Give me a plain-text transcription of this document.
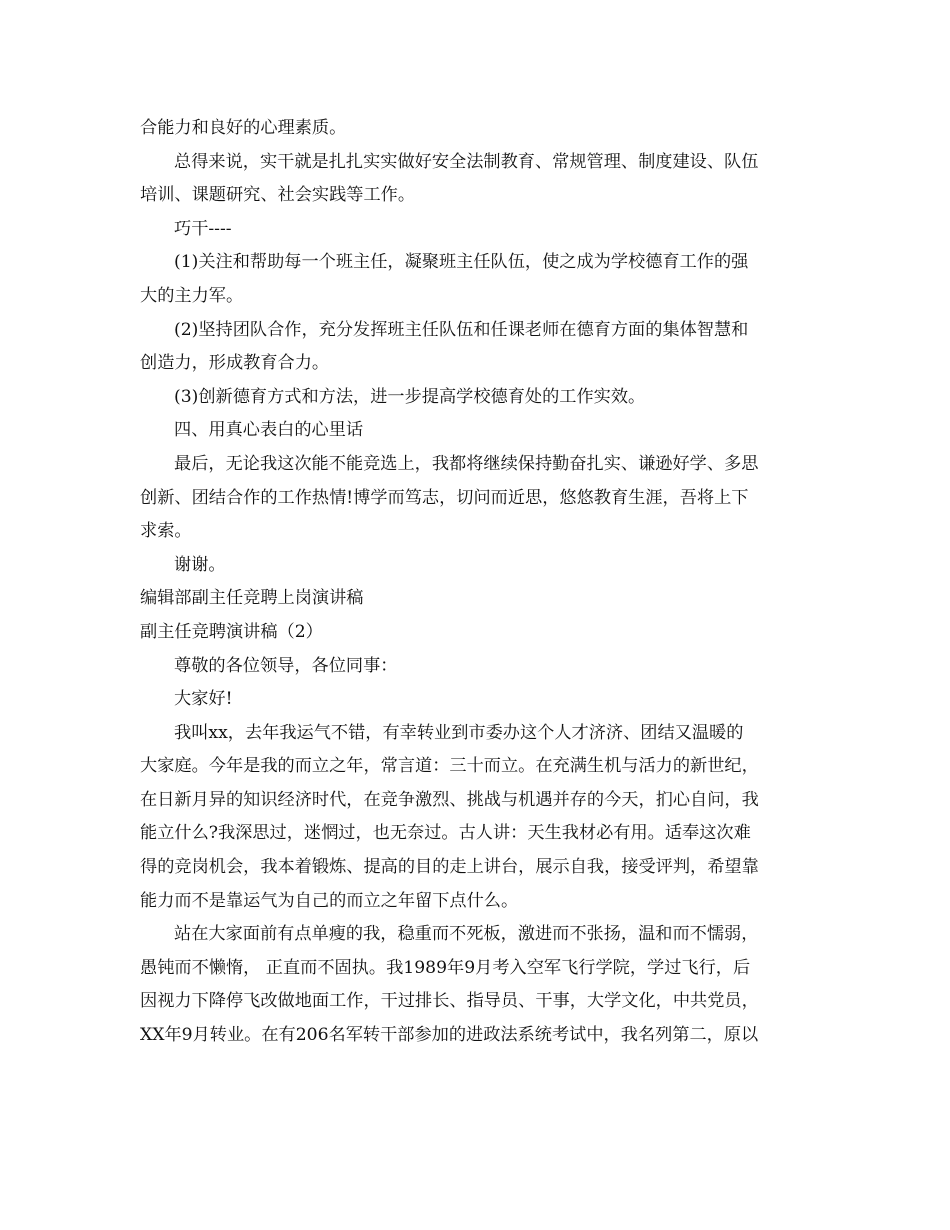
合能力和良好的心理素质。
总得来说，实干就是扎扎实实做好安全法制教育、常规管理、制度建设、队伍
培训、课题研究、社会实践等工作。
巧干----
(1)关注和帮助每一个班主任，凝聚班主任队伍，使之成为学校德育工作的强
大的主力军。
(2)坚持团队合作，充分发挥班主任队伍和任课老师在德育方面的集体智慧和
创造力，形成教育合力。
(3)创新德育方式和方法，进一步提高学校德育处的工作实效。
四、用真心表白的心里话
最后，无论我这次能不能竞选上，我都将继续保持勤奋扎实、谦逊好学、多思
创新、团结合作的工作热情!博学而笃志，切问而近思，悠悠教育生涯，吾将上下
求索。
谢谢。
编辑部副主任竞聘上岗演讲稿
副主任竞聘演讲稿（2）
尊敬的各位领导，各位同事：
大家好!
我叫xx，去年我运气不错，有幸转业到市委办这个人才济济、团结又温暖的
大家庭。今年是我的而立之年，常言道：三十而立。在充满生机与活力的新世纪，
在日新月异的知识经济时代，在竞争激烈、挑战与机遇并存的今天，扪心自问，我
能立什么?我深思过，迷惘过，也无奈过。古人讲：天生我材必有用。适奉这次难
得的竞岗机会，我本着锻炼、提高的目的走上讲台，展示自我，接受评判，希望靠
能力而不是靠运气为自己的而立之年留下点什么。
站在大家面前有点单瘦的我，稳重而不死板，激进而不张扬，温和而不懦弱，
愚钝而不懒惰， 正直而不固执。我1989年9月考入空军飞行学院，学过飞行，后
因视力下降停飞改做地面工作，干过排长、指导员、干事，大学文化，中共党员，
XX年9月转业。在有206名军转干部参加的进政法系统考试中，我名列第二，原以
